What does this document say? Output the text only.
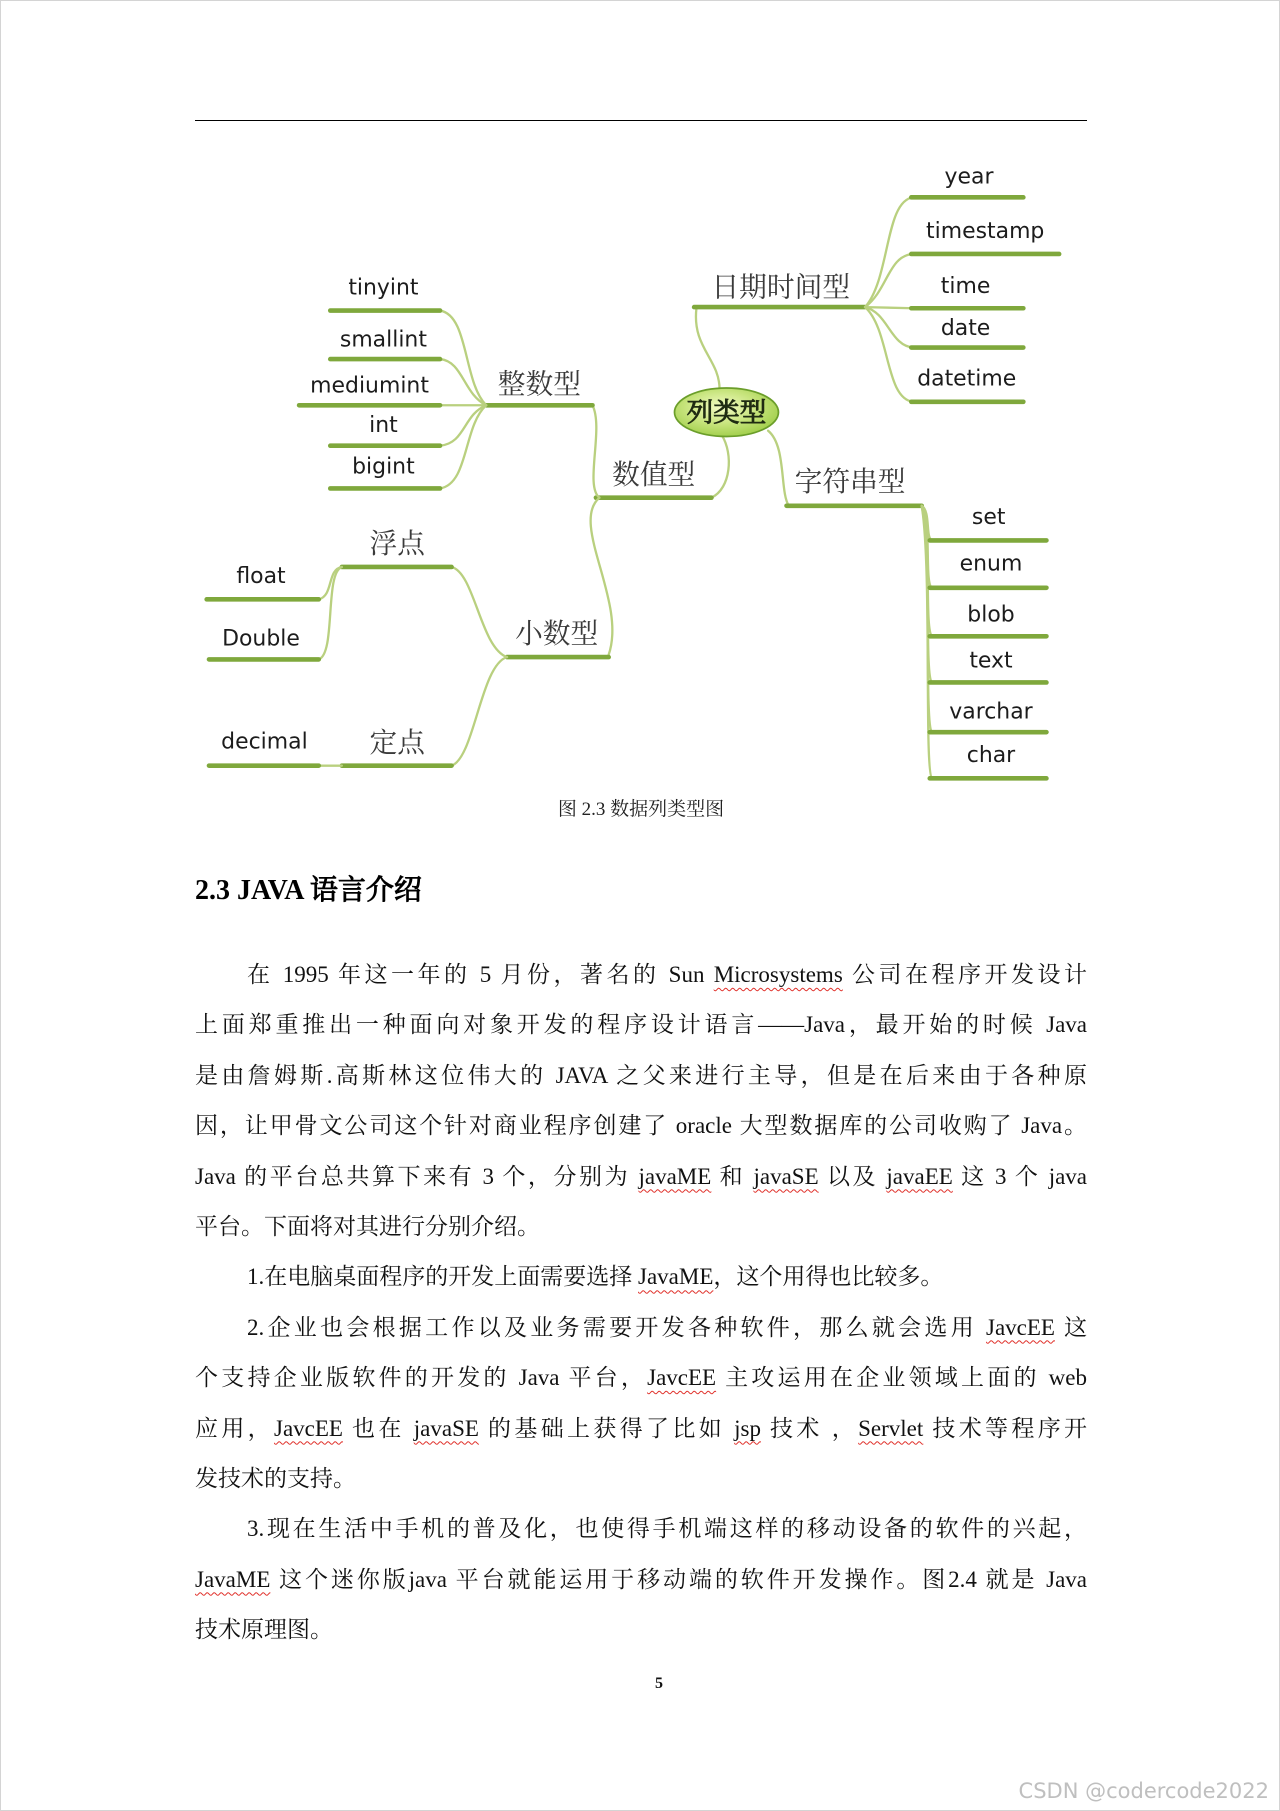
日期时间型
year
timestamp
time
date
datetime
数值型
整数型
tinyint
smallint
mediumint
int
bigint
小数型
浮点
float
Double
定点
decimal
字符串型
set
enum
blob
text
varchar
char
列类型
图 2.3 数据列类型图
2.3 JAVA 语言介绍
在 1995 年这一年的 5 月份，著名的 Sun Microsystems 公司在程序开发设计
上面郑重推出一种面向对象开发的程序设计语言——Java，最开始的时候 Java
是由詹姆斯.高斯林这位伟大的 JAVA 之父来进行主导，但是在后来由于各种原
因，让甲骨文公司这个针对商业程序创建了 oracle 大型数据库的公司收购了 Java。
Java 的平台总共算下来有 3 个，分别为 javaME 和 javaSE 以及 javaEE 这 3 个 java
平台。下面将对其进行分别介绍。
1.在电脑桌面程序的开发上面需要选择 JavaME，这个用得也比较多。
2.企业也会根据工作以及业务需要开发各种软件，那么就会选用 JavcEE 这
个支持企业版软件的开发的 Java 平台，JavcEE 主攻运用在企业领域上面的 web
应用，JavcEE 也在 javaSE 的基础上获得了比如 jsp 技术 ，Servlet 技术等程序开
发技术的支持。
3.现在生活中手机的普及化，也使得手机端这样的移动设备的软件的兴起，
JavaME 这个迷你版java 平台就能运用于移动端的软件开发操作。图2.4 就是 Java
技术原理图。
5
CSDN @codercode2022
